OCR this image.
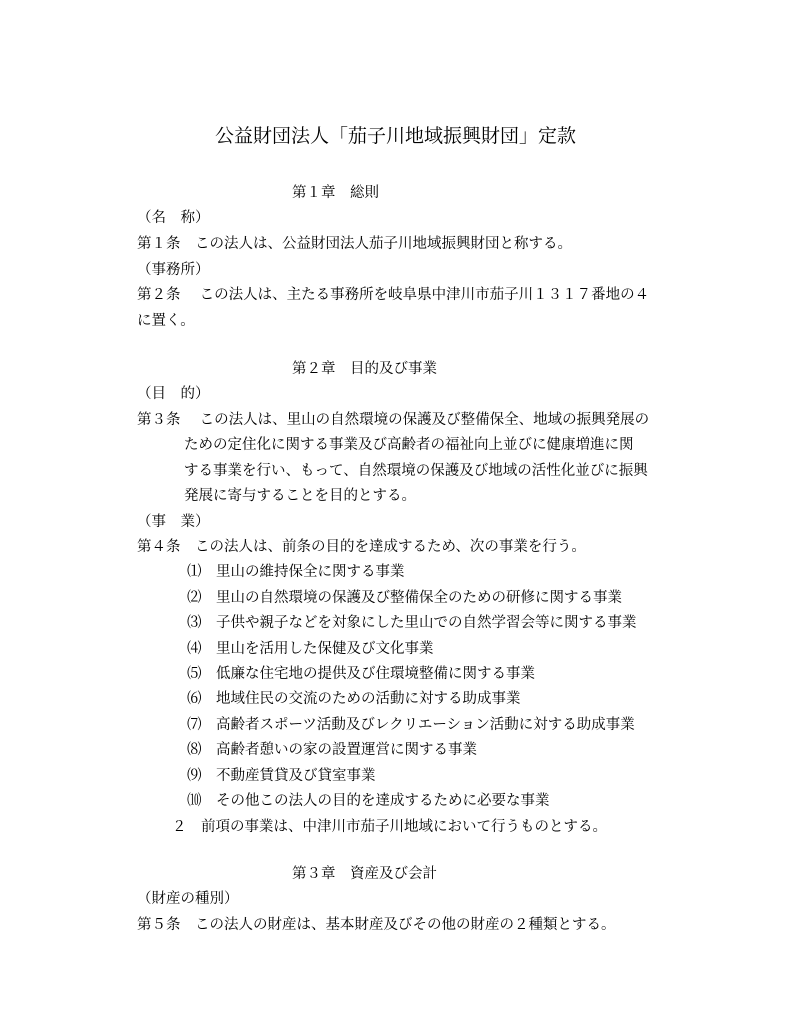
公益財団法人「茄子川地域振興財団」定款
第１章　総則
（名　称）
第１条　この法人は、公益財団法人茄子川地域振興財団と称する。
（事務所）
第２条　 この法人は、主たる事務所を岐阜県中津川市茄子川１３１７番地の４
に置く。
第２章　目的及び事業
（目　的）
第３条　 この法人は、里山の自然環境の保護及び整備保全、地域の振興発展の
ための定住化に関する事業及び高齢者の福祉向上並びに健康増進に関
する事業を行い、もって、自然環境の保護及び地域の活性化並びに振興
発展に寄与することを目的とする。
（事　業）
第４条　この法人は、前条の目的を達成するため、次の事業を行う。
⑴　里山の維持保全に関する事業
⑵　里山の自然環境の保護及び整備保全のための研修に関する事業
⑶　子供や親子などを対象にした里山での自然学習会等に関する事業
⑷　里山を活用した保健及び文化事業
⑸　低廉な住宅地の提供及び住環境整備に関する事業
⑹　地域住民の交流のための活動に対する助成事業
⑺　高齢者スポーツ活動及びレクリエーション活動に対する助成事業
⑻　高齢者憩いの家の設置運営に関する事業
⑼　不動産賃貸及び貸室事業
⑽　その他この法人の目的を達成するために必要な事業
２　前項の事業は、中津川市茄子川地域において行うものとする。
第３章　資産及び会計
（財産の種別）
第５条　この法人の財産は、基本財産及びその他の財産の２種類とする。
